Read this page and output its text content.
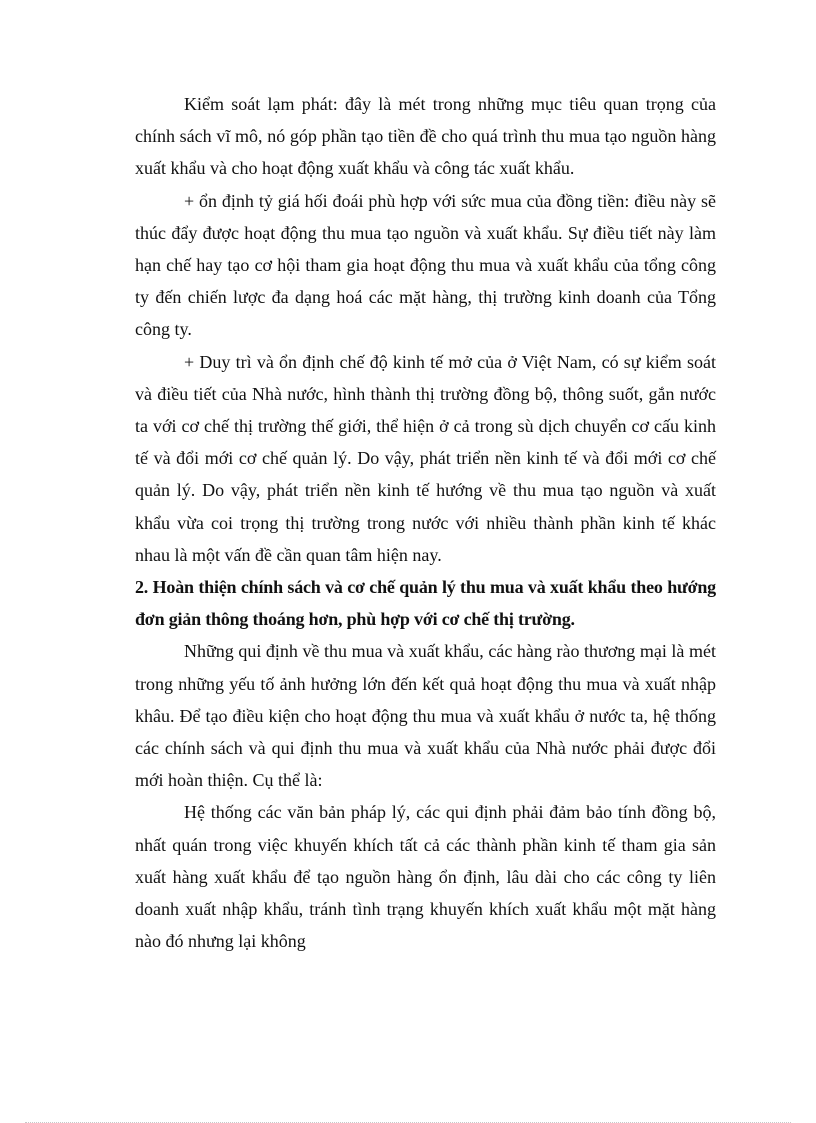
Kiểm soát lạm phát: đây là mét trong những mục tiêu quan trọng của chính sách vĩ mô, nó góp phần tạo tiền đề cho quá trình thu mua tạo nguồn hàng xuất khẩu và cho hoạt động xuất khẩu và công tác xuất khẩu.

+ ổn định tỷ giá hối đoái phù hợp với sức mua của đồng tiền: điều này sẽ thúc đẩy được hoạt động thu mua tạo nguồn và xuất khẩu. Sự điều tiết này làm hạn chế hay tạo cơ hội tham gia hoạt động thu mua và xuất khẩu của tổng công ty đến chiến lược đa dạng hoá các mặt hàng, thị trường kinh doanh của Tổng công ty.

+ Duy trì và ổn định chế độ kinh tế mở của ở Việt Nam, có sự kiểm soát và điều tiết của Nhà nước, hình thành thị trường đồng bộ, thông suốt, gắn nước ta với cơ chế thị trường thế giới, thể hiện ở cả trong sù dịch chuyển cơ cấu kinh tế và đổi mới cơ chế quản lý. Do vậy, phát triển nền kinh tế và đổi mới cơ chế quản lý. Do vậy, phát triển nền kinh tế hướng về thu mua tạo nguồn và xuất khẩu vừa coi trọng thị trường trong nước với nhiều thành phần kinh tế khác nhau là một vấn đề cần quan tâm hiện nay.

2. Hoàn thiện chính sách và cơ chế quản lý thu mua và xuất khẩu theo hướng đơn giản thông thoáng hơn, phù hợp với cơ chế thị trường.

Những qui định về thu mua và xuất khẩu, các hàng rào thương mại là mét trong những yếu tố ảnh hưởng lớn đến kết quả hoạt động thu mua và xuất nhập khâu. Để tạo điều kiện cho hoạt động thu mua và xuất khẩu ở nước ta, hệ thống các chính sách và qui định thu mua và xuất khẩu của Nhà nước phải được đổi mới hoàn thiện. Cụ thể là:

Hệ thống các văn bản pháp lý, các qui định phải đảm bảo tính đồng bộ, nhất quán trong việc khuyến khích tất cả các thành phần kinh tế tham gia sản xuất hàng xuất khẩu để tạo nguồn hàng ổn định, lâu dài cho các công ty liên doanh xuất nhập khẩu, tránh tình trạng khuyến khích xuất khẩu một mặt hàng nào đó nhưng lại không
